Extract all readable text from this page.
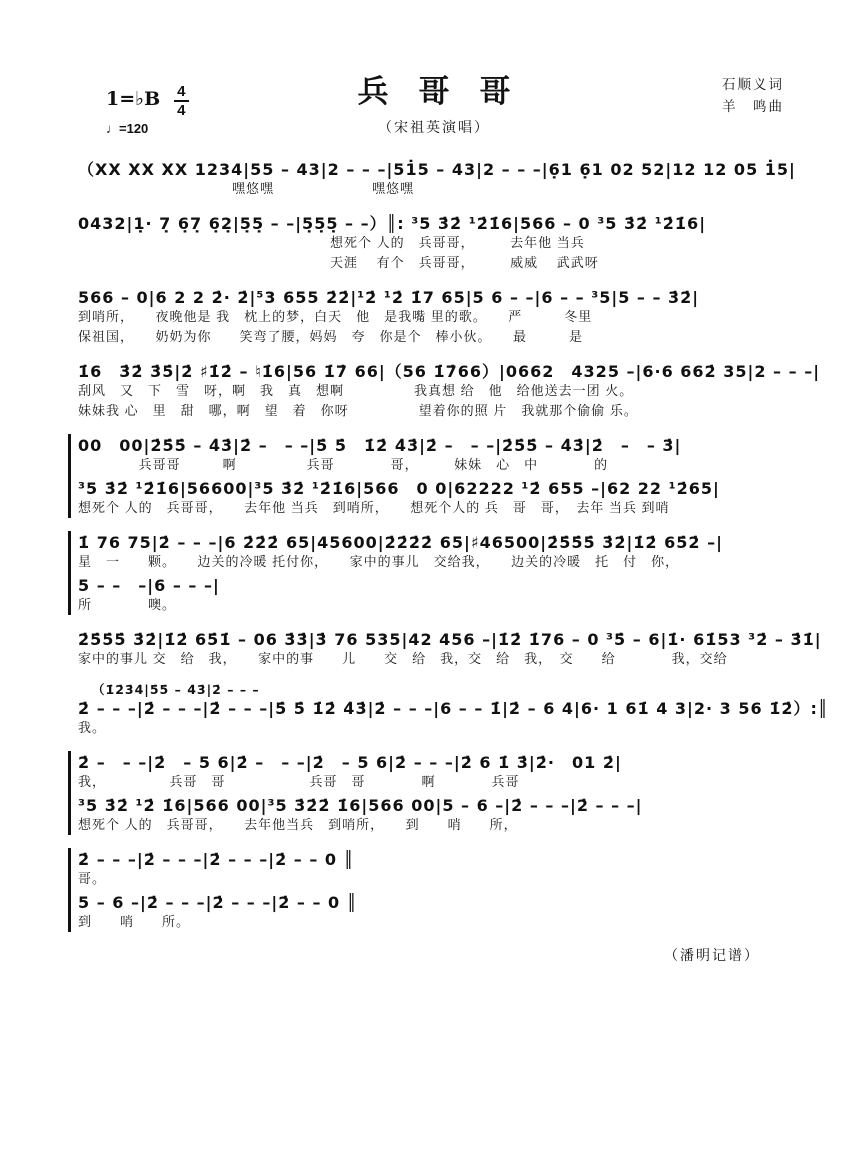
1=♭B $\frac{4}{4}$
♩=120
兵哥哥
（宋祖英演唱）
石顺义词
羊　鸣曲
（XX XX XX 1234|55 – 43|2 – – –|51̇5 – 43|2 – – –|6̣1 6̣1 02 52|12 12 05 1̇5|
　　　　　　　　　　　嘿悠嘿　　　　　　　嘿悠嘿
0432|1̣· 7̣ 6̣7̣ 6̣2̣|5̣5̣ – –|5̣5̣5̣ – –）║: ³5 3̇2̇ ¹2̇1̇6|566 – 0 ³5 3̇2̇ ¹2̇1̇6|
　　　　　　　　　　　　　　　　　　想死个 人的　兵哥哥，　　　去年他 当兵
　　　　　　　　　　　　　　　　　　天涯　 有个　兵哥哥，　　　威威　 武武呀
566 – 0|6 2 2 2̇· 2̇|⁵3 655 2̇2̇|¹2̇ ¹2̇ 1̇7 65|5 6 – –|6 – – ³5|5 – – 3̇2̇|
到哨所，　　夜晚他是 我　枕上的梦，白天　他　是我嘴 里的歌。　　严　　　冬里
保祖国，　　奶奶为你　　笑弯了腰，妈妈　夸　你是个　棒小伙。　　最　　　是
1̇6　3̇2̇ 3̇5̇|2̇ ♯1̇2̇ – ♮1̇6|56 1̇7̇ 66|（56 1̇7̇66）|0662　4325 –|6·6 662̇ 35|2 – – –|
刮风　又　下　雪　呀，啊　我　真　想啊　　　　　我真想 给　他　给他送去一团 火。
妹妹我 心　里　甜　哪，啊　望　着　你呀　　　　　望着你的照 片　我就那个偷偷 乐。
00　00|2̇5̇5̇ – 4̇3̇|2̇ –　– –|5̇ 5̇　1̇2̇ 4̇3̇|2̇ –　– –|2̇5̇5̇ – 4̇3̇|2̇　–　– 3̇|
　　　　 兵哥哥　　　啊　　　　　兵哥　　　　哥，　　　妹妹　心　中　　　　的
³5 3̇2̇ ¹2̇1̇6|56600|³5 3̇2̇ ¹2̇1̇6|566　0 0|62222 ¹2̇ 655 –|62 22 ¹2̇65|
想死个 人的　兵哥哥，　　去年他 当兵　到哨所，　　想死个人的 兵　哥　哥，　去年 当兵 到哨
1̇ 76 75|2̇ – – –|6 2̇2̇2̇ 65|45600|2̇2̇2̇2̇ 65|♯46500|2̇5̇5̇5̇ 3̇2̇|1̇2̇ 65̇2̇ –|
星　一　　颗。　　边关的冷暖 托付你，　　家中的事儿　交给我，　　边关的冷暖　托　付　你，
5 – –　–|6 – – –|
所　　　　噢。
2̇5̇5̇5̇ 3̇2̇|1̇2̇ 65̇1̇ – 06 3̇3̇|3̇ 76 535|42 456 –|1̇2̇ 1̇76 – 0 ³5̇ – 6|1̇· 61̇53 ³2̇ – 3̇1̇|
家中的事儿 交　给　我，　　家中的事　　儿　　交　给　我，交　给　我，　交　　给　　　　我，交给
（1̇2̇3̇4̇|5̇5̇ – 4̇3̇|2̇ – – –
2̇ – – –|2̇ – – –|2̇ – – –|5̇ 5̇ 1̇2̇ 4̇3̇|2̇ – – –|6 – – 1̇|2̇ – 6 4|6· 1 61̇ 4 3|2· 3 56 1̇2̇）:║
我。
2̇ –　– –|2̇　– 5 6|2̇ –　– –|2̇　– 5 6|2̇ – – –|2̇ 6 1̇ 3̇|2̇·　01 2̇|
我，　　　　　兵哥　哥　　　　　　兵哥　哥　　　　啊　　　　兵哥
³5 3̇2̇ ¹2̇ 1̇6|566 00|³5 3̇2̇2̇ 1̇6|566 00|5 – 6 –|2̇ – – –|2̇ – – –|
想死个 人的　兵哥哥，　　去年他当兵　到哨所，　　到　　哨　　所，
2̇ – – –|2̇ – – –|2̇ – – –|2̇ – – 0 ║
哥。
5 – 6 –|2̇ – – –|2̇ – – –|2̇ – – 0 ║
到　　哨　　所。
（潘明记谱）
